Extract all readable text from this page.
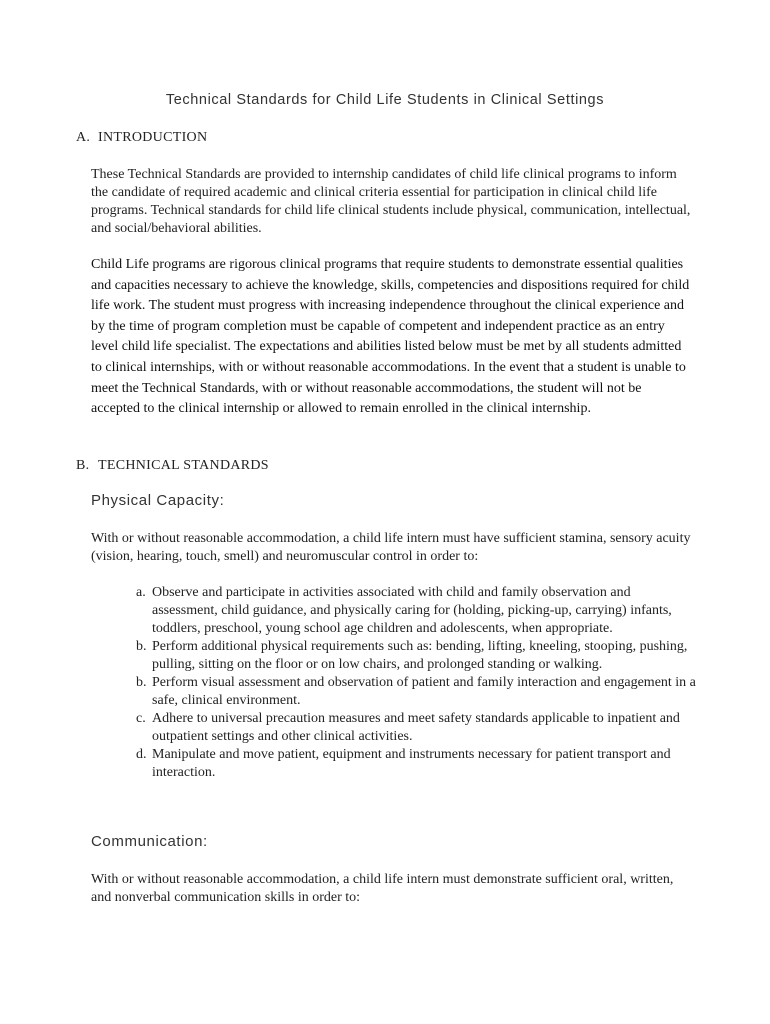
Technical Standards for Child Life Students in Clinical Settings
A. INTRODUCTION

These Technical Standards are provided to internship candidates of child life clinical programs to inform the candidate of required academic and clinical criteria essential for participation in clinical child life programs. Technical standards for child life clinical students include physical, communication, intellectual, and social/behavioral abilities.

Child Life programs are rigorous clinical programs that require students to demonstrate essential qualities and capacities necessary to achieve the knowledge, skills, competencies and dispositions required for child life work. The student must progress with increasing independence throughout the clinical experience and by the time of program completion must be capable of competent and independent practice as an entry level child life specialist. The expectations and abilities listed below must be met by all students admitted to clinical internships, with or without reasonable accommodations. In the event that a student is unable to meet the Technical Standards, with or without reasonable accommodations, the student will not be accepted to the clinical internship or allowed to remain enrolled in the clinical internship.

B. TECHNICAL STANDARDS
Physical Capacity:

With or without reasonable accommodation, a child life intern must have sufficient stamina, sensory acuity (vision, hearing, touch, smell) and neuromuscular control in order to:

a. Observe and participate in activities associated with child and family observation and assessment, child guidance, and physically caring for (holding, picking-up, carrying) infants, toddlers, preschool, young school age children and adolescents, when appropriate.
b. Perform additional physical requirements such as: bending, lifting, kneeling, stooping, pushing, pulling, sitting on the floor or on low chairs, and prolonged standing or walking.
b. Perform visual assessment and observation of patient and family interaction and engagement in a safe, clinical environment.
c. Adhere to universal precaution measures and meet safety standards applicable to inpatient and outpatient settings and other clinical activities.
d. Manipulate and move patient, equipment and instruments necessary for patient transport and interaction.
Communication:

With or without reasonable accommodation, a child life intern must demonstrate sufficient oral, written, and nonverbal communication skills in order to:
